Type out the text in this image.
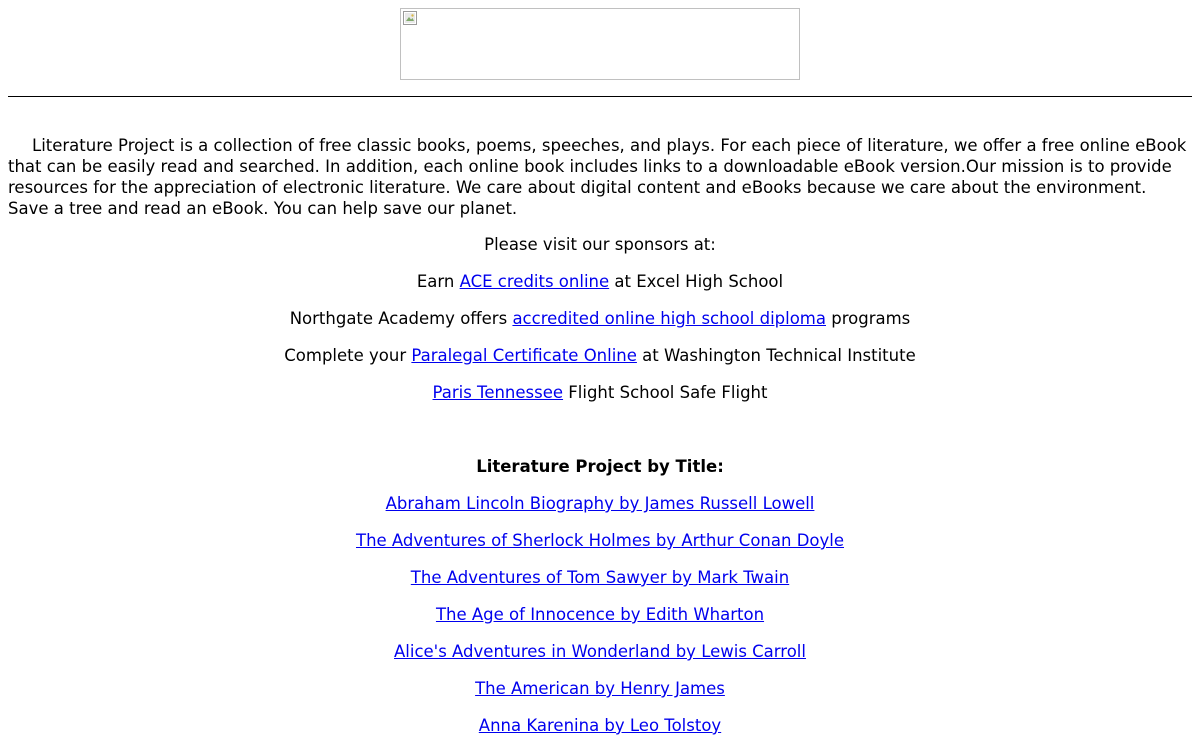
Literature Project is a collection of free classic books, poems, speeches, and plays. For each piece of literature, we offer a free online eBook that can be easily read and searched. In addition, each online book includes links to a downloadable eBook version.Our mission is to provide resources for the appreciation of electronic literature. We care about digital content and eBooks because we care about the environment. Save a tree and read an eBook. You can help save our planet.

Please visit our sponsors at:

Earn ACE credits online at Excel High School

Northgate Academy offers accredited online high school diploma programs

Complete your Paralegal Certificate Online at Washington Technical Institute

Paris Tennessee Flight School Safe Flight

Literature Project by Title:

Abraham Lincoln Biography by James Russell Lowell

The Adventures of Sherlock Holmes by Arthur Conan Doyle

The Adventures of Tom Sawyer by Mark Twain

The Age of Innocence by Edith Wharton

Alice's Adventures in Wonderland by Lewis Carroll

The American by Henry James

Anna Karenina by Leo Tolstoy
